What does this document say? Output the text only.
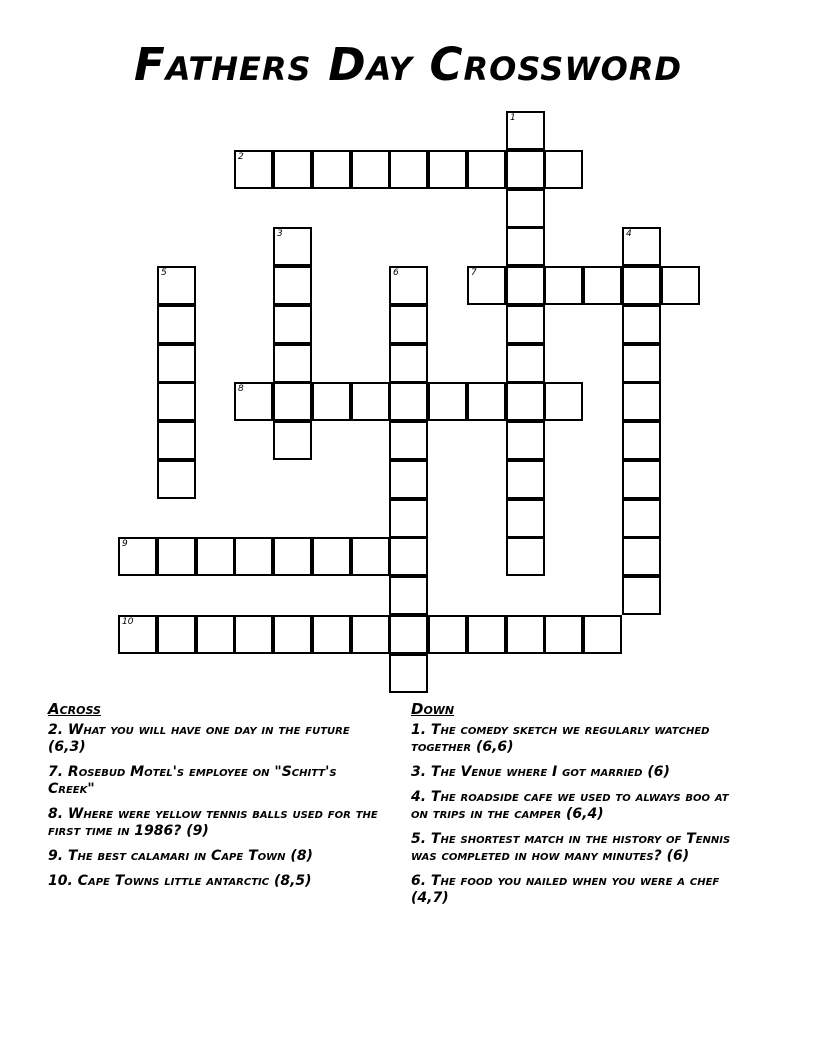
Fathers Day Crossword
1
2
3	4
5	6	7
8
9
10
Across
2. What you will have one day in the future (6,3)
7. Rosebud Motel's employee on "Schitt's Creek"
8. Where were yellow tennis balls used for the first time in 1986? (9)
9. The best calamari in Cape Town (8)
10. Cape Towns little antarctic (8,5)
Down
1. The comedy sketch we regularly watched together (6,6)
3. The Venue where I got married (6)
4. The roadside cafe we used to always boo at on trips in the camper (6,4)
5. The shortest match in the history of Tennis was completed in how many minutes? (6)
6. The food you nailed when you were a chef (4,7)
